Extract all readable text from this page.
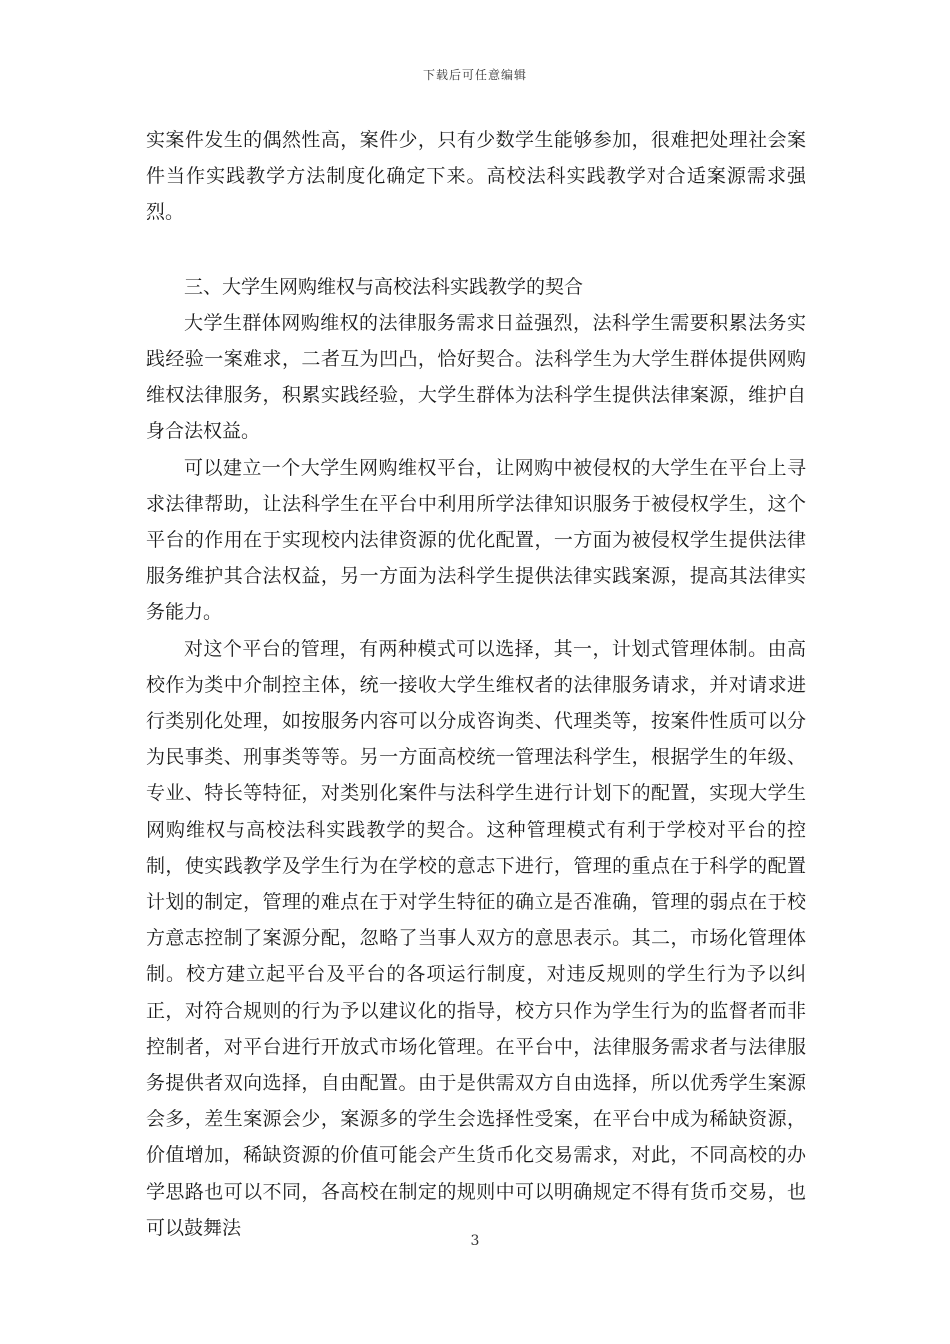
下载后可任意编辑

实案件发生的偶然性高，案件少，只有少数学生能够参加，很难把处理社会案件当作实践教学方法制度化确定下来。高校法科实践教学对合适案源需求强烈。

三、大学生网购维权与高校法科实践教学的契合

大学生群体网购维权的法律服务需求日益强烈，法科学生需要积累法务实践经验一案难求，二者互为凹凸，恰好契合。法科学生为大学生群体提供网购维权法律服务，积累实践经验，大学生群体为法科学生提供法律案源，维护自身合法权益。

可以建立一个大学生网购维权平台，让网购中被侵权的大学生在平台上寻求法律帮助，让法科学生在平台中利用所学法律知识服务于被侵权学生，这个平台的作用在于实现校内法律资源的优化配置，一方面为被侵权学生提供法律服务维护其合法权益，另一方面为法科学生提供法律实践案源，提高其法律实务能力。

对这个平台的管理，有两种模式可以选择，其一，计划式管理体制。由高校作为类中介制控主体，统一接收大学生维权者的法律服务请求，并对请求进行类别化处理，如按服务内容可以分成咨询类、代理类等，按案件性质可以分为民事类、刑事类等等。另一方面高校统一管理法科学生，根据学生的年级、专业、特长等特征，对类别化案件与法科学生进行计划下的配置，实现大学生网购维权与高校法科实践教学的契合。这种管理模式有利于学校对平台的控制，使实践教学及学生行为在学校的意志下进行，管理的重点在于科学的配置计划的制定，管理的难点在于对学生特征的确立是否准确，管理的弱点在于校方意志控制了案源分配，忽略了当事人双方的意思表示。其二，市场化管理体制。校方建立起平台及平台的各项运行制度，对违反规则的学生行为予以纠正，对符合规则的行为予以建议化的指导，校方只作为学生行为的监督者而非控制者，对平台进行开放式市场化管理。在平台中，法律服务需求者与法律服务提供者双向选择，自由配置。由于是供需双方自由选择，所以优秀学生案源会多，差生案源会少，案源多的学生会选择性受案，在平台中成为稀缺资源，价值增加，稀缺资源的价值可能会产生货币化交易需求，对此，不同高校的办学思路也可以不同，各高校在制定的规则中可以明确规定不得有货币交易，也可以鼓舞法

3
